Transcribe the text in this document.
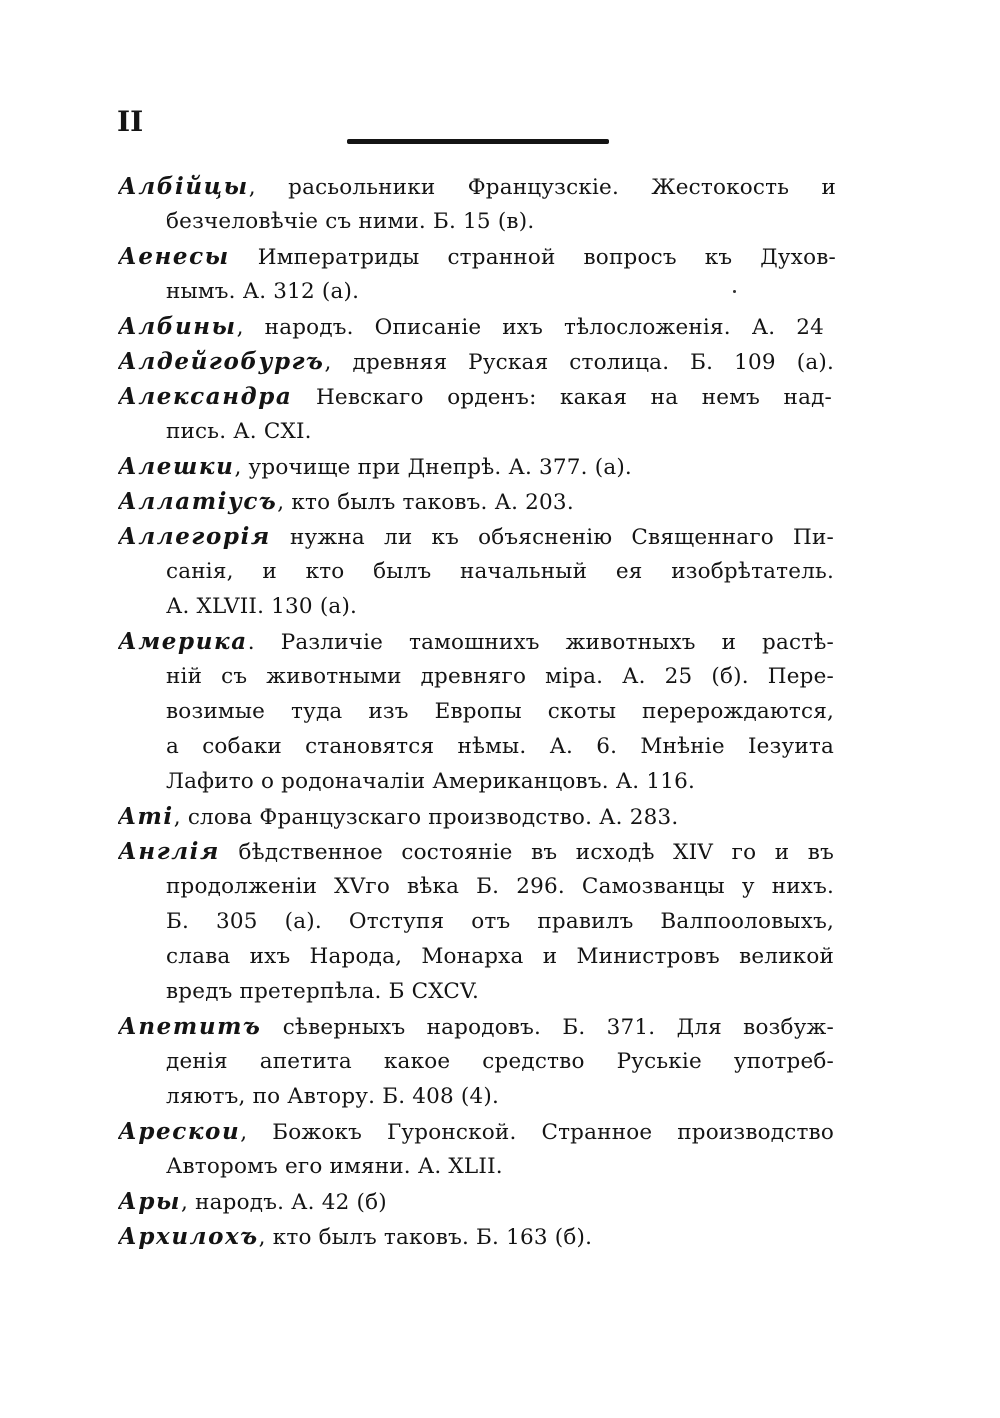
II
Албійцы, расьольники Французскіе. Жестокость и
безчеловѣчіе съ ними. Б. 15 (в).
Аенесы Императриды странной вопросъ къ Духов-
нымъ. А. 312 (а).
Албины, народъ. Описаніе ихъ тѣлосложенія. А. 24
Алдейгобургъ, древняя Руская столица. Б. 109 (а).
Александра Невскаго орденъ: какая на немъ над-
пись. А. CXI.
Алешки, урочище при Днепрѣ. А. 377. (а).
Аллатіусъ, кто былъ таковъ. А. 203.
Аллегорія нужна ли къ объясненію Священнаго Пи-
санія, и кто былъ начальный ея изобрѣтатель.
А. XLVII. 130 (а).
Америка. Различіе тамошнихъ животныхъ и растѣ-
ній съ животными древняго міра. А. 25 (б). Пере-
возимые туда изъ Европы скоты перерождаются,
а собаки становятся нѣмы. А. 6. Мнѣніе Iезуита
Лафито о родоначаліи Американцовъ. А. 116.
Ami, слова Французскаго производство. А. 283.
Англія бѣдственное состояніе въ исходѣ XIV го и въ
продолженіи XVго вѣка Б. 296. Самозванцы у нихъ.
Б. 305 (а). Отступя отъ правилъ Валпооловыхъ,
слава ихъ Народа, Монарха и Министровъ великой
вредъ претерпѣла. Б CXCV.
Апетитъ сѣверныхъ народовъ. Б. 371. Для возбуж-
денія апетита какое средство Руськіе употреб-
ляютъ, по Автору. Б. 408 (4).
Арескои, Божокъ Гуронской. Странное производство
Авторомъ его имяни. А. XLII.
Ары, народъ. А. 42 (б)
Архилохъ, кто былъ таковъ. Б. 163 (б).
